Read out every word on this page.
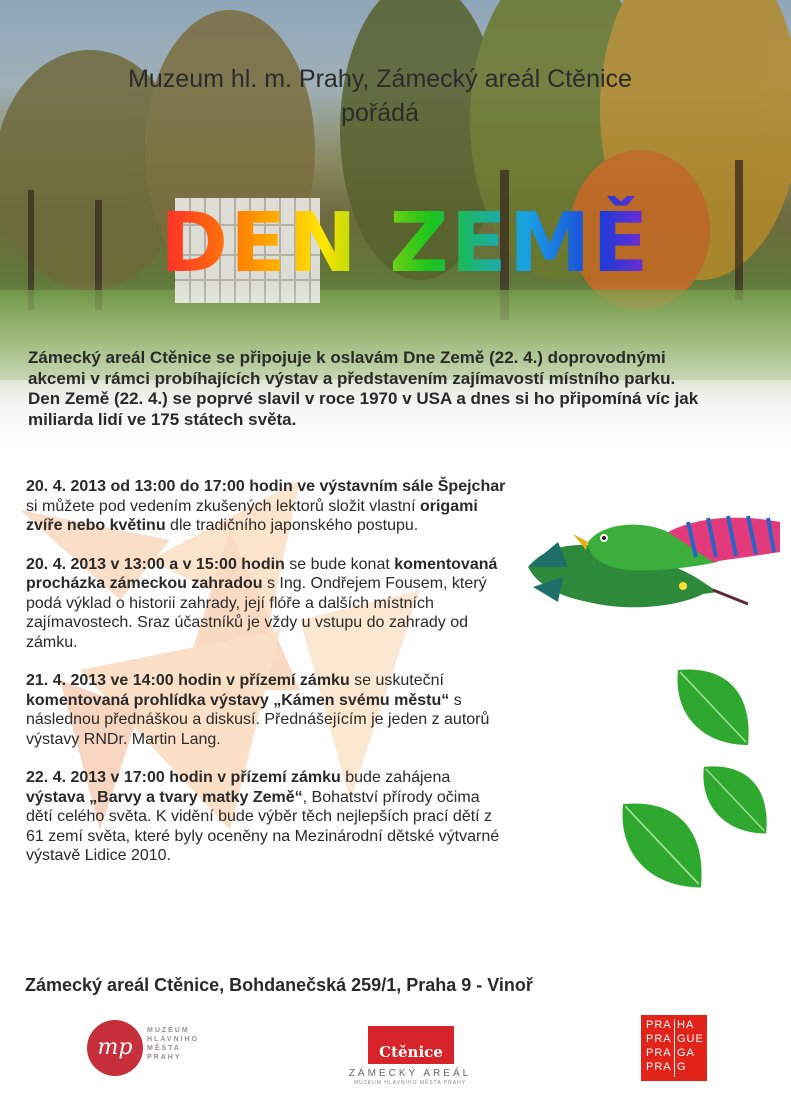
Muzeum hl. m. Prahy, Zámecký areál Ctěnice
pořádá
DEN ZEMĚ

Zámecký areál Ctěnice se připojuje k oslavám Dne Země (22. 4.) doprovodnými

akcemi v rámci probíhajících výstav a představením zajímavostí místního parku.

Den Země (22. 4.) se poprvé slavil v roce 1970 v USA a dnes si ho připomíná víc jak

miliarda lidí ve 175 státech světa.

20. 4. 2013 od 13:00 do 17:00 hodin ve výstavním sále Špejchar si můžete pod vedením zkušených lektorů složit vlastní origami zvíře nebo květinu dle tradičního japonského postupu.

20. 4. 2013 v 13:00 a v 15:00 hodin se bude konat komentovaná procházka zámeckou zahradou s Ing. Ondřejem Fousem, který podá výklad o historii zahrady, její flóře a dalších místních zajímavostech. Sraz účastníků je vždy u vstupu do zahrady od zámku.

21. 4. 2013 ve 14:00 hodin v přízemí zámku se uskuteční komentovaná prohlídka výstavy „Kámen svému městu“ s následnou přednáškou a diskusí. Přednášejícím je jeden z autorů výstavy RNDr. Martin Lang.

22. 4. 2013 v 17:00 hodin v přízemí zámku bude zahájena výstava „Barvy a tvary matky Země“, Bohatství přírody očima dětí celého světa. K vidění bude výběr těch nejlepších prací dětí z 61 zemí světa, které byly oceněny na Mezinárodní dětské výtvarné výstavě Lidice 2010.

Zámecký areál Ctěnice, Bohdanečská 259/1, Praha 9 - Vinoř
mp
MUZEUM
HLAVNÍHO
MĚSTA
PRAHY	Ctěnice
ZÁMECKÝ AREÁL
MUZEUM HLAVNÍHO MĚSTA PRAHY
PRA
PRA
PRA
PRA
HA
GUE
GA
G
